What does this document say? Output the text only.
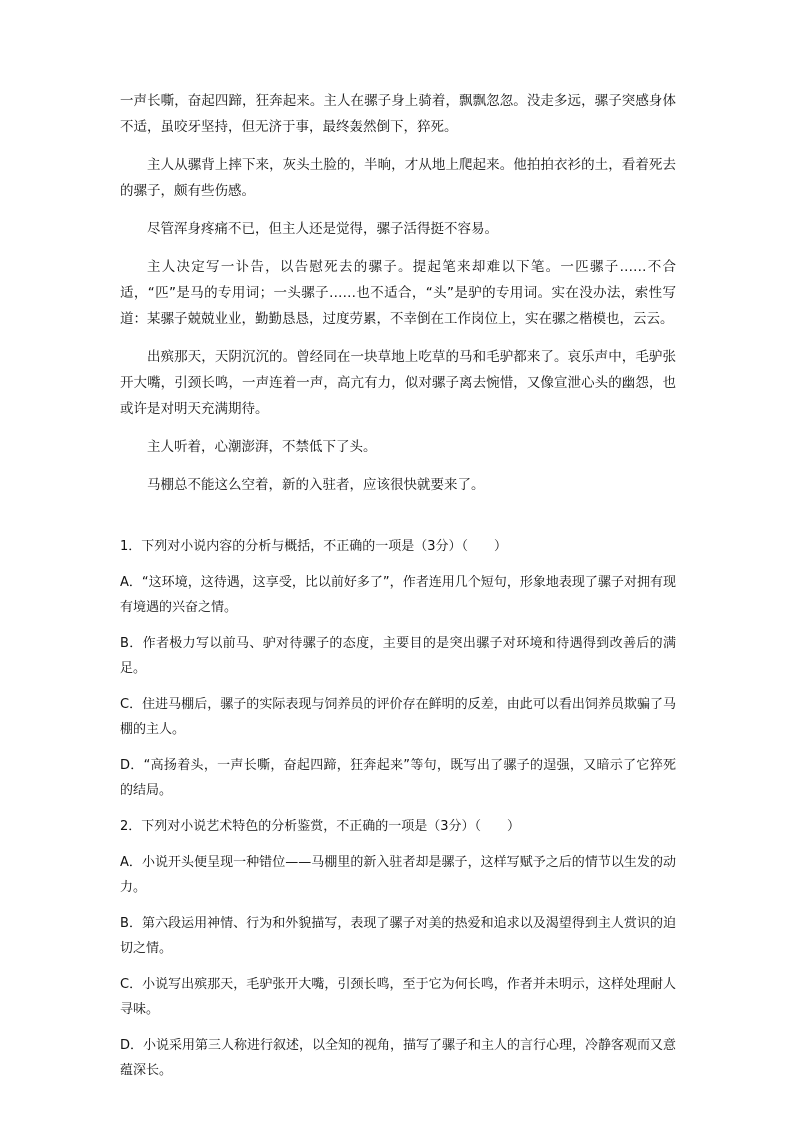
一声长嘶，奋起四蹄，狂奔起来。主人在骡子身上骑着，飘飘忽忽。没走多远，骡子突感身体不适，虽咬牙坚持，但无济于事，最终轰然倒下，猝死。

主人从骡背上摔下来，灰头土脸的，半晌，才从地上爬起来。他拍拍衣衫的土，看着死去的骡子，颇有些伤感。

尽管浑身疼痛不已，但主人还是觉得，骡子活得挺不容易。

主人决定写一讣告，以告慰死去的骡子。提起笔来却难以下笔。一匹骡子……不合适，“匹”是马的专用词；一头骡子……也不适合，“头”是驴的专用词。实在没办法，索性写道：某骡子兢兢业业，勤勤恳恳，过度劳累，不幸倒在工作岗位上，实在骡之楷模也，云云。

出殡那天，天阴沉沉的。曾经同在一块草地上吃草的马和毛驴都来了。哀乐声中，毛驴张开大嘴，引颈长鸣，一声连着一声，高亢有力，似对骡子离去惋惜，又像宣泄心头的幽怨，也或许是对明天充满期待。

主人听着，心潮澎湃，不禁低下了头。

马棚总不能这么空着，新的入驻者，应该很快就要来了。

1．下列对小说内容的分析与概括，不正确的一项是（3分）（　　）

A．“这环境，这待遇，这享受，比以前好多了”，作者连用几个短句，形象地表现了骡子对拥有现有境遇的兴奋之情。

B．作者极力写以前马、驴对待骡子的态度，主要目的是突出骡子对环境和待遇得到改善后的满足。

C．住进马棚后，骡子的实际表现与饲养员的评价存在鲜明的反差，由此可以看出饲养员欺骗了马棚的主人。

D．“高扬着头，一声长嘶，奋起四蹄，狂奔起来”等句，既写出了骡子的逞强，又暗示了它猝死的结局。

2．下列对小说艺术特色的分析鉴赏，不正确的一项是（3分）（　　）

A．小说开头便呈现一种错位——马棚里的新入驻者却是骡子，这样写赋予之后的情节以生发的动力。

B．第六段运用神情、行为和外貌描写，表现了骡子对美的热爱和追求以及渴望得到主人赏识的迫切之情。

C．小说写出殡那天，毛驴张开大嘴，引颈长鸣，至于它为何长鸣，作者并未明示，这样处理耐人寻味。

D．小说采用第三人称进行叙述，以全知的视角，描写了骡子和主人的言行心理，冷静客观而又意蕴深长。
